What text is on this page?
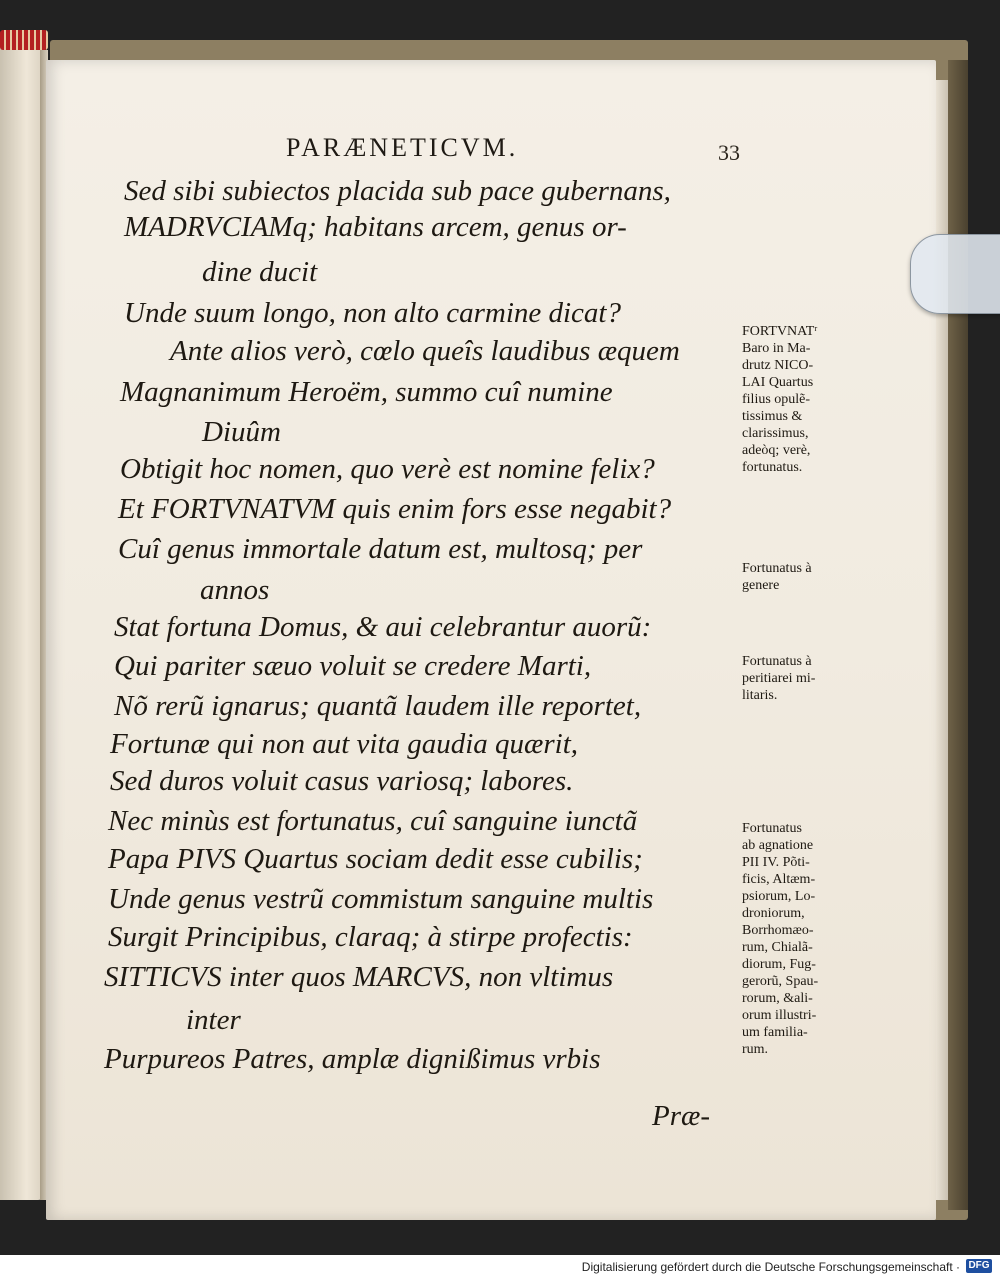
PARÆNETICVM.	33
Sed sibi subiectos placida sub pace gubernans,
MADRVCIAMq; habitans arcem, genus or-
dine ducit
Unde suum longo, non alto carmine dicat?
Ante alios verò, cœlo queîs laudibus æquem
Magnanimum Heroëm, summo cuî numine
Diuûm
Obtigit hoc nomen, quo verè est nomine felix?
Et FORTVNATVM quis enim fors esse negabit?
Cuî genus immortale datum est, multosq; per
annos
Stat fortuna Domus, & aui celebrantur auorũ:
Qui pariter sæuo voluit se credere Marti,
Nõ rerũ ignarus; quantã laudem ille reportet,
Fortunæ qui non aut vita gaudia quærit,
Sed duros voluit casus variosq; labores.
Nec minùs est fortunatus, cuî sanguine iunctã
Papa PIVS Quartus sociam dedit esse cubilis;
Unde genus vestrũ commistum sanguine multis
Surgit Principibus, claraq; à stirpe profectis:
SITTICVS inter quos MARCVS, non vltimus
inter
Purpureos Patres, amplæ dignißimus vrbis
Præ-
FORTVNATʳ
Baro in Ma-
drutz NICO-
LAI Quartus
filius opulẽ-
tissimus &
clarissimus,
adeòq; verè,
fortunatus.
Fortunatus à
genere
Fortunatus à
peritiarei mi-
litaris.
Fortunatus
ab agnatione
PII IV. Põti-
ficis, Altæm-
psiorum, Lo-
droniorum,
Borrhomæo-
rum, Chialã-
diorum, Fug-
gerorũ, Spau-
rorum, &ali-
orum illustri-
um familia-
rum.
Digitalisierung gefördert durch die Deutsche Forschungsgemeinschaft · DFG
